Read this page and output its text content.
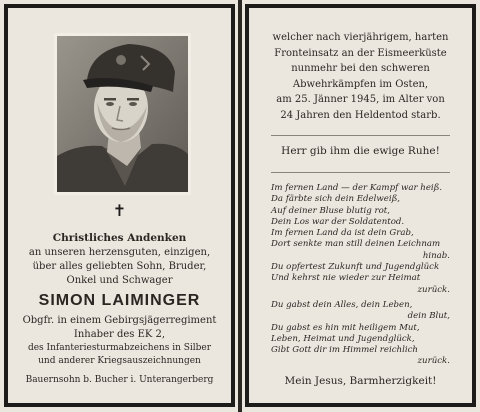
✝
Christliches Andenken
an unseren herzensguten, einzigen,
über alles geliebten Sohn, Bruder,
Onkel und Schwager
SIMON LAIMINGER
Obgfr. in einem Gebirgsjägerregiment
Inhaber des EK 2,
des Infanteriesturmabzeichens in Silber
und anderer Kriegsauszeichnungen
Bauernsohn b. Bucher i. Unterangerberg
welcher nach vierjährigem, harten
Fronteinsatz an der Eismeerküste
nunmehr bei den schweren
Abwehrkämpfen im Osten,
am 25. Jänner 1945, im Alter von
24 Jahren den Heldentod starb.
Herr gib ihm die ewige Ruhe!
Im fernen Land — der Kampf war heiß.
Da färbte sich dein Edelweiß,
Auf deiner Bluse blutig rot,
Dein Los war der Soldatentod.
Im fernen Land da ist dein Grab,
Dort senkte man still deinen Leichnam
hinab.
Du opfertest Zukunft und Jugendglück
Und kehrst nie wieder zur Heimat
zurück.
Du gabst dein Alles, dein Leben,
dein Blut,
Du gabst es hin mit heiligem Mut,
Leben, Heimat und Jugendglück,
Gibt Gott dir im Himmel reichlich
zurück.
Mein Jesus, Barmherzigkeit!
